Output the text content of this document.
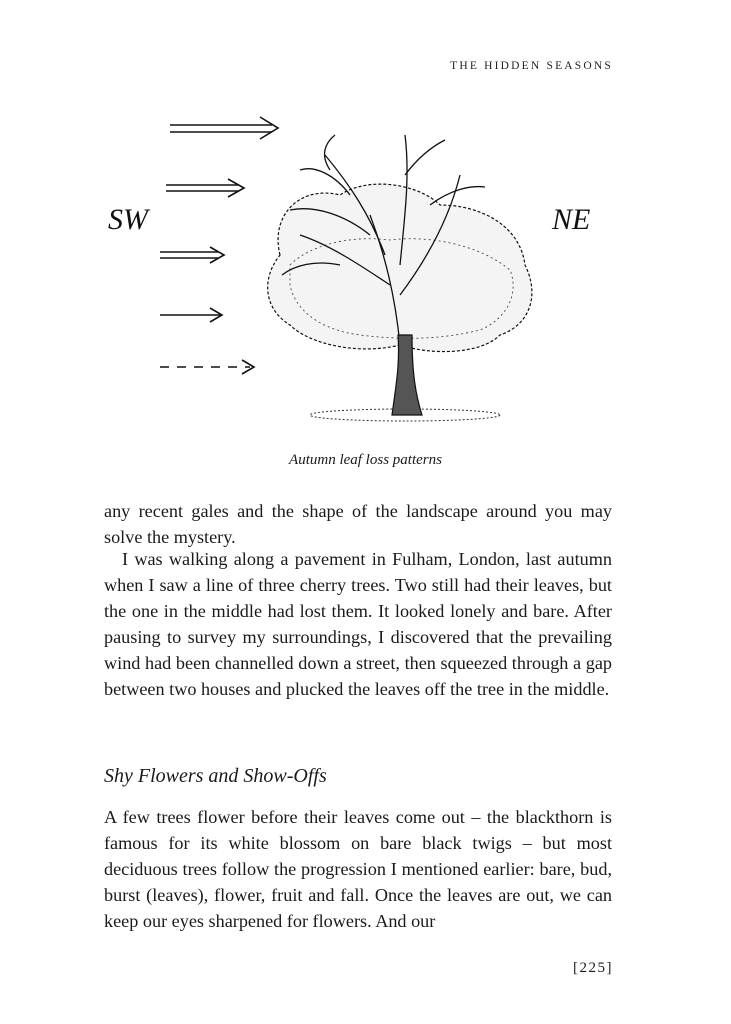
THE HIDDEN SEASONS
SW	NE
Autumn leaf loss patterns

any recent gales and the shape of the landscape around you may solve the mystery.

I was walking along a pavement in Fulham, London, last autumn when I saw a line of three cherry trees. Two still had their leaves, but the one in the middle had lost them. It looked lonely and bare. After pausing to survey my surroundings, I discovered that the prevailing wind had been channelled down a street, then squeezed through a gap between two houses and plucked the leaves off the tree in the middle.

Shy Flowers and Show-Offs

A few trees flower before their leaves come out – the blackthorn is famous for its white blossom on bare black twigs – but most deciduous trees follow the progression I mentioned earlier: bare, bud, burst (leaves), flower, fruit and fall. Once the leaves are out, we can keep our eyes sharpened for flowers. And our

[225]
